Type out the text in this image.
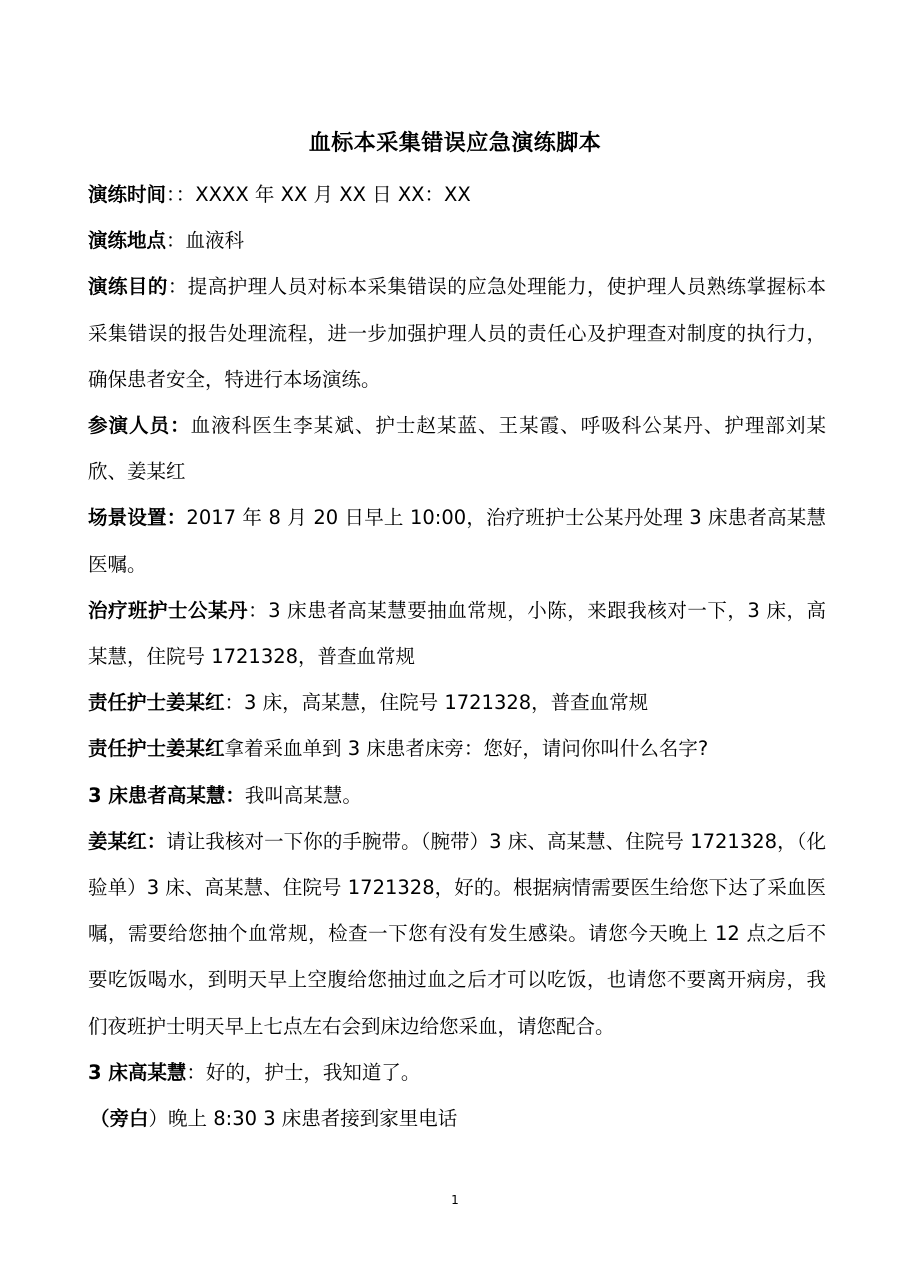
血标本采集错误应急演练脚本

演练时间：：XXXX 年 XX 月 XX 日 XX：XX

演练地点：血液科

演练目的：提高护理人员对标本采集错误的应急处理能力，使护理人员熟练掌握标本采集错误的报告处理流程，进一步加强护理人员的责任心及护理查对制度的执行力，确保患者安全，特进行本场演练。

参演人员：血液科医生李某斌、护士赵某蓝、王某霞、呼吸科公某丹、护理部刘某欣、姜某红

场景设置：2017 年 8 月 20 日早上 10:00，治疗班护士公某丹处理 3 床患者高某慧医嘱。

治疗班护士公某丹：3 床患者高某慧要抽血常规，小陈，来跟我核对一下，3 床，高某慧，住院号 1721328，普查血常规

责任护士姜某红：3 床，高某慧，住院号 1721328，普查血常规

责任护士姜某红拿着采血单到 3 床患者床旁：您好，请问你叫什么名字?

3 床患者高某慧：我叫高某慧。

姜某红：请让我核对一下你的手腕带。（腕带）3 床、高某慧、住院号 1721328，（化验单）3 床、高某慧、住院号 1721328，好的。根据病情需要医生给您下达了采血医嘱，需要给您抽个血常规，检查一下您有没有发生感染。请您今天晚上 12 点之后不要吃饭喝水，到明天早上空腹给您抽过血之后才可以吃饭，也请您不要离开病房，我们夜班护士明天早上七点左右会到床边给您采血，请您配合。

3 床高某慧：好的，护士，我知道了。

（旁白）晚上 8:30 3 床患者接到家里电话

1
